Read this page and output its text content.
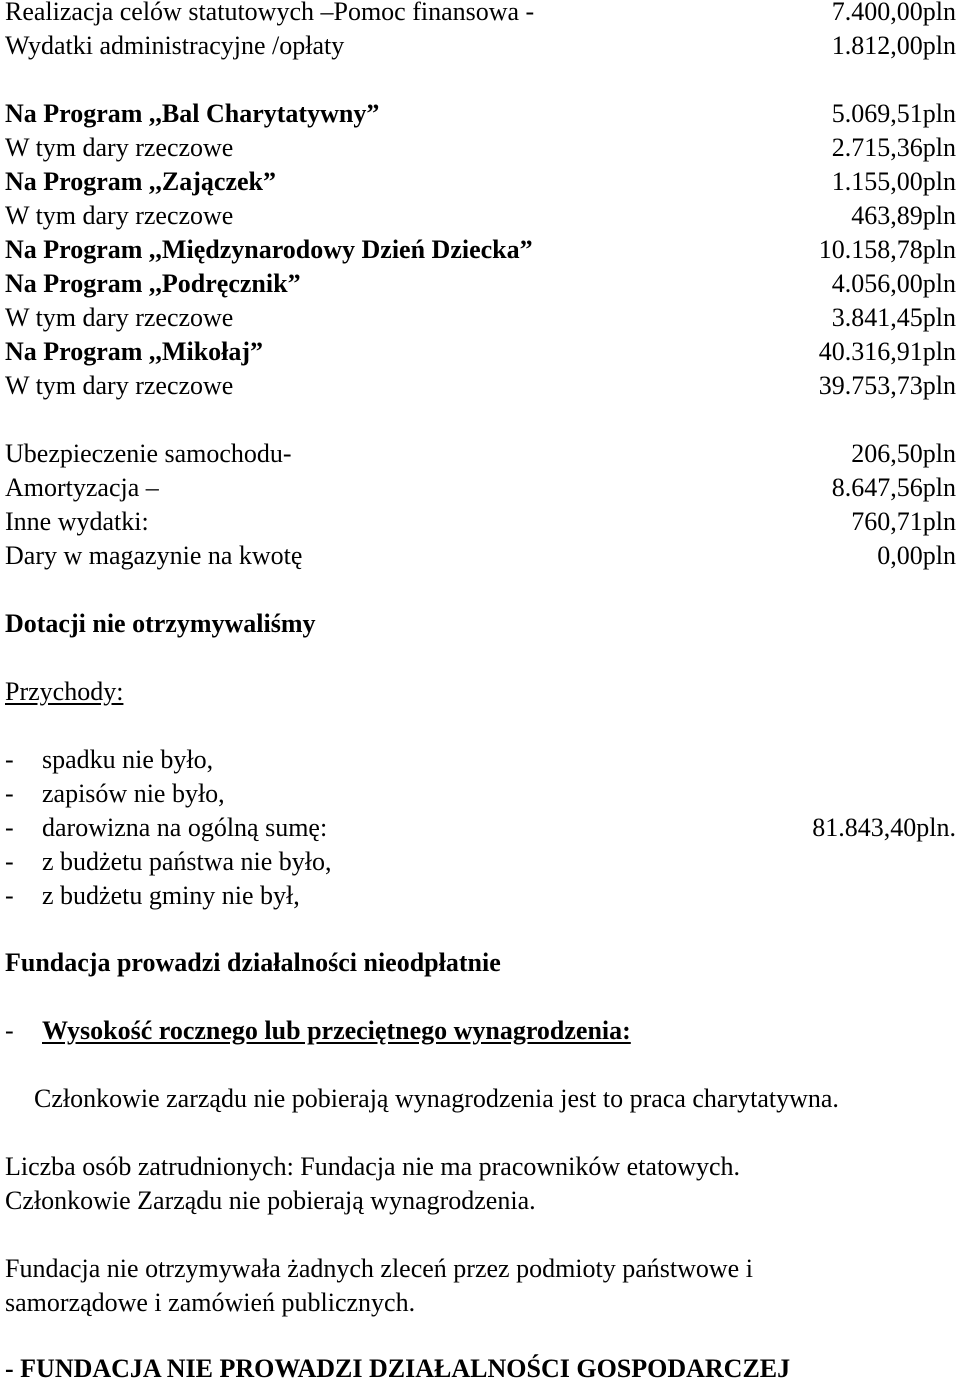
Realizacja celów statutowych –Pomoc finansowa -	7.400,00pln
Wydatki administracyjne /opłaty	1.812,00pln
Na Program ,,Bal Charytatywny”	5.069,51pln
W tym dary rzeczowe	2.715,36pln
Na Program ,,Zajączek”	1.155,00pln
W tym dary rzeczowe	463,89pln
Na Program ,,Międzynarodowy Dzień Dziecka”	10.158,78pln
Na Program ,,Podręcznik”	4.056,00pln
W tym dary rzeczowe	3.841,45pln
Na Program ,,Mikołaj”	40.316,91pln
W tym dary rzeczowe	39.753,73pln
Ubezpieczenie samochodu-	206,50pln
Amortyzacja –	8.647,56pln
Inne wydatki:	760,71pln
Dary w magazynie na kwotę	0,00pln
Dotacji nie otrzymywaliśmy
Przychody:
- spadku nie było,
- zapisów nie było,
- darowizna na ogólną sumę:	81.843,40pln.
- z budżetu państwa nie było,
- z budżetu gminy nie był,
Fundacja prowadzi działalności nieodpłatnie
- Wysokość rocznego lub przeciętnego wynagrodzenia:
Członkowie zarządu nie pobierają wynagrodzenia jest to praca charytatywna.
Liczba osób zatrudnionych: Fundacja nie ma pracowników etatowych.
Członkowie Zarządu nie pobierają wynagrodzenia.
Fundacja nie otrzymywała żadnych zleceń przez podmioty państwowe i
samorządowe i zamówień publicznych.
- FUNDACJA NIE PROWADZI DZIAŁALNOŚCI GOSPODARCZEJ
